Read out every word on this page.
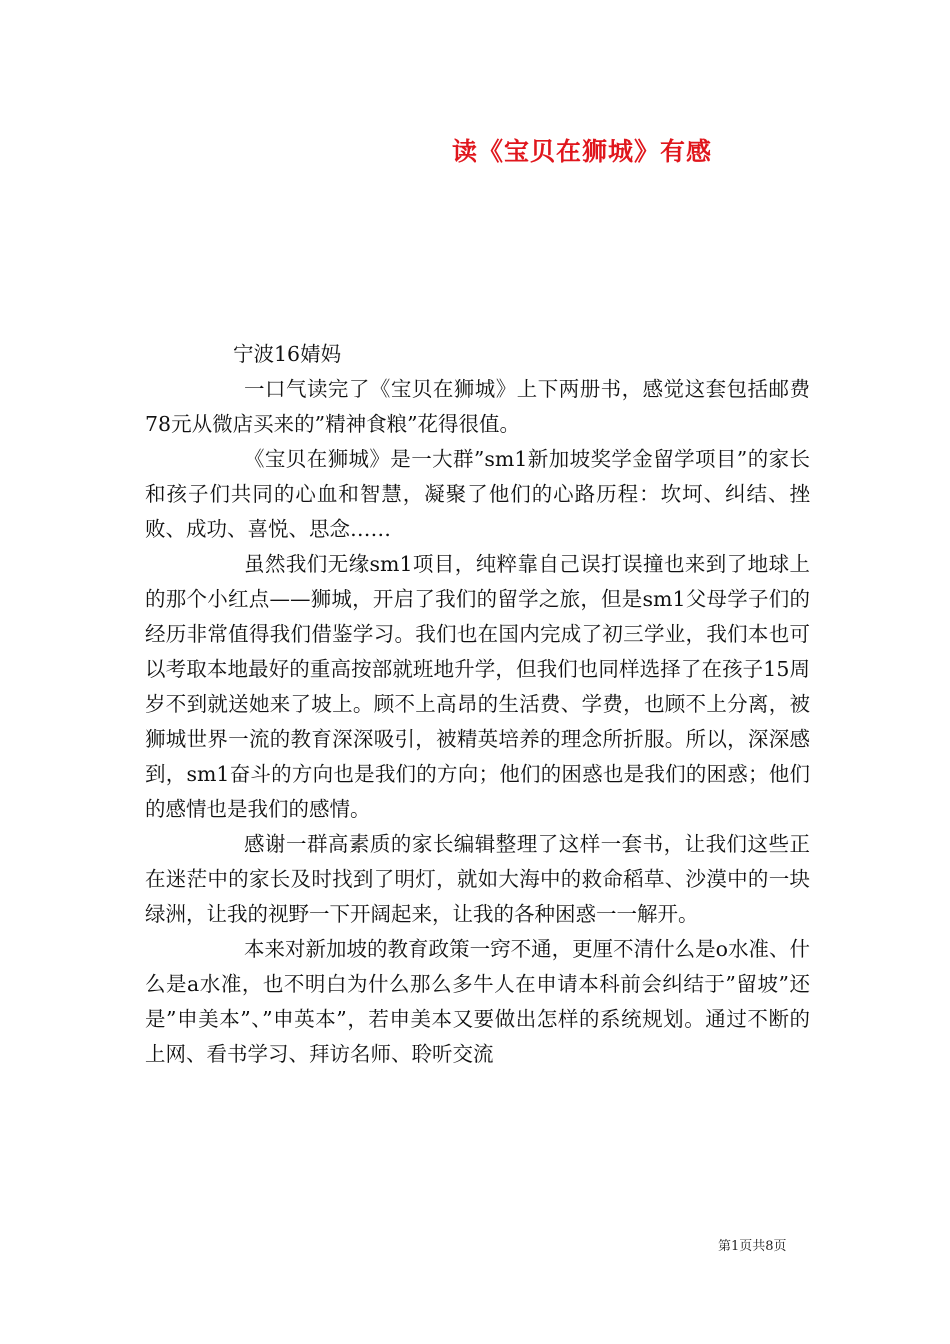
读《宝贝在狮城》有感

宁波16婧妈

一口气读完了《宝贝在狮城》上下两册书，感觉这套包括邮费78元从微店买来的”精神食粮”花得很值。

《宝贝在狮城》是一大群”sm1新加坡奖学金留学项目”的家长和孩子们共同的心血和智慧，凝聚了他们的心路历程：坎坷、纠结、挫败、成功、喜悦、思念……

虽然我们无缘sm1项目，纯粹靠自己误打误撞也来到了地球上的那个小红点——狮城，开启了我们的留学之旅，但是sm1父母学子们的经历非常值得我们借鉴学习。我们也在国内完成了初三学业，我们本也可以考取本地最好的重高按部就班地升学，但我们也同样选择了在孩子15周岁不到就送她来了坡上。顾不上高昂的生活费、学费，也顾不上分离，被狮城世界一流的教育深深吸引，被精英培养的理念所折服。所以，深深感到，sm1奋斗的方向也是我们的方向；他们的困惑也是我们的困惑；他们的感情也是我们的感情。

感谢一群高素质的家长编辑整理了这样一套书，让我们这些正在迷茫中的家长及时找到了明灯，就如大海中的救命稻草、沙漠中的一块绿洲，让我的视野一下开阔起来，让我的各种困惑一一解开。

本来对新加坡的教育政策一窍不通，更厘不清什么是o水准、什么是a水准，也不明白为什么那么多牛人在申请本科前会纠结于”留坡”还是”申美本”、”申英本”，若申美本又要做出怎样的系统规划。通过不断的上网、看书学习、拜访名师、聆听交流

第1页共8页
